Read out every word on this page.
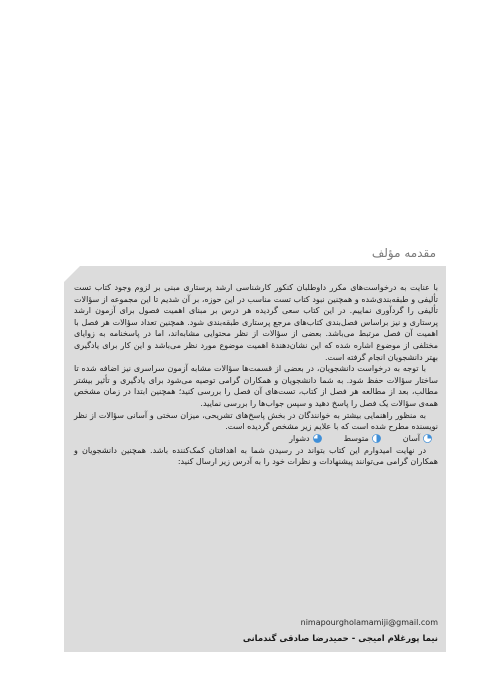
مقدمه مؤلف

با عنایت به درخواست‌های مکرر داوطلبان کنکور کارشناسی ارشد پرستاری مبنی بر لزوم وجود کتاب تست تألیفی و طبقه‌بندی‌شده و همچنین نبود کتاب تست مناسب در این حوزه، بر آن شدیم تا این مجموعه از سؤالات تألیفی را گردآوری نماییم. در این کتاب سعی گردیده هر درس بر مبنای اهمیت فصول برای آزمون ارشد پرستاری و نیز براساس فصل‌بندی کتاب‌های مرجع پرستاری طبقه‌بندی شود. همچنین تعداد سؤالات هر فصل با اهمیت آن فصل مرتبط می‌باشد. بعضی از سؤالات از نظر محتوایی مشابه‌اند، اما در پاسخنامه به زوایای مختلفی از موضوع اشاره شده که این نشان‌دهندهٔ اهمیت موضوع مورد نظر می‌باشد و این کار برای یادگیری بهتر دانشجویان انجام گرفته است.

با توجه به درخواست دانشجویان، در بعضی از قسمت‌ها سؤالات مشابه آزمون سراسری نیز اضافه شده تا ساختار سؤالات حفظ شود. به شما دانشجویان و همکاران گرامی توصیه می‌شود برای یادگیری و تأثیر بیشتر مطالب، بعد از مطالعه هر فصل از کتاب، تست‌های آن فصل را بررسی کنید؛ همچنین ابتدا در زمان مشخص همه‌ی سؤالات یک فصل را پاسخ دهید و سپس جواب‌ها را بررسی نمایید.

به منظور راهنمایی بیشتر به خوانندگان در بخش پاسخ‌های تشریحی، میزان سختی و آسانی سؤالات از نظر نویسنده مطرح شده است که با علایم زیر مشخص گردیده است.

آسان
متوسط
دشوار

در نهایت امیدوارم این کتاب بتواند در رسیدن شما به اهدافتان کمک‌کننده باشد. همچنین دانشجویان و همکاران گرامی می‌توانند پیشنهادات و نظرات خود را به آدرس زیر ارسال کنید:

nimapourgholamamiji@gmail.com
نیما پورغلام امیجی - حمیدرضا صادقی گندمانی
